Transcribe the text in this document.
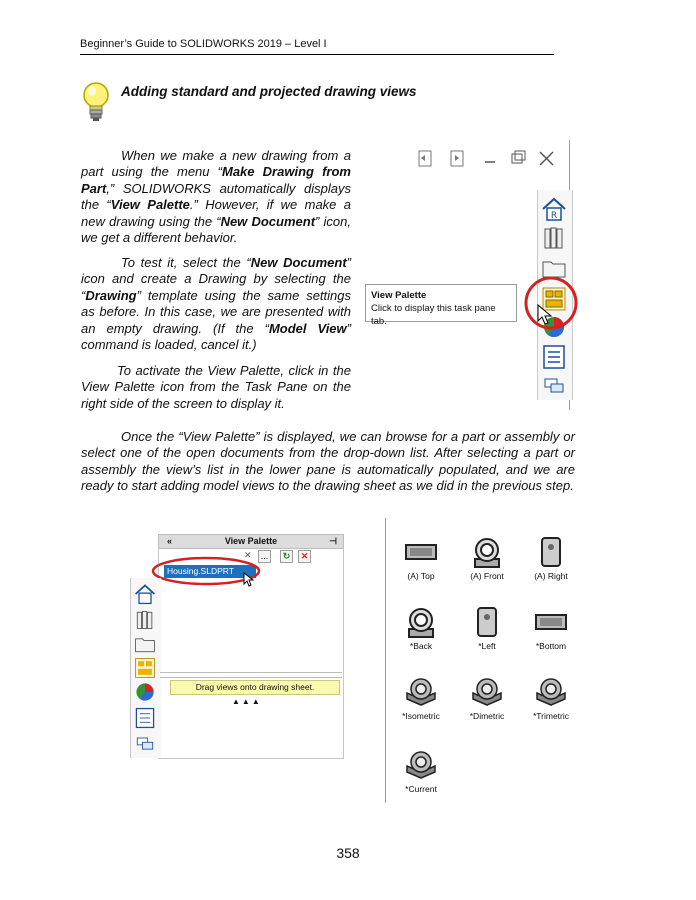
Beginner’s Guide to SOLIDWORKS 2019 – Level I
Adding standard and projected drawing views
When we make a new drawing from a part using the menu “Make Drawing from Part,” SOLIDWORKS automatically displays the “View Palette.” However, if we make a new drawing using the “New Document” icon, we get a different behavior.
To test it, select the “New Document” icon and create a Drawing by selecting the “Drawing” template using the same settings as before. In this case, we are presented with an empty drawing. (If the “Model View” command is loaded, cancel it.)
To activate the View Palette, click in the View Palette icon from the Task Pane on the right side of the screen to display it.
Once the “View Palette” is displayed, we can browse for a part or assembly or select one of the open documents from the drop-down list. After selecting a part or assembly the view’s list in the lower pane is automatically populated, and we are ready to start adding model views to the drawing sheet as we did in the previous step.
R
View Palette
Click to display this task pane tab.
«	View Palette	⊣
Housing.SLDPRT
✕	...	↻	✕
Drag views onto drawing sheet.
▲▲▲
(A) Top	(A) Front	(A) Right
*Back	*Left	*Bottom
*Isometric	*Dimetric	*Trimetric
*Current
358
